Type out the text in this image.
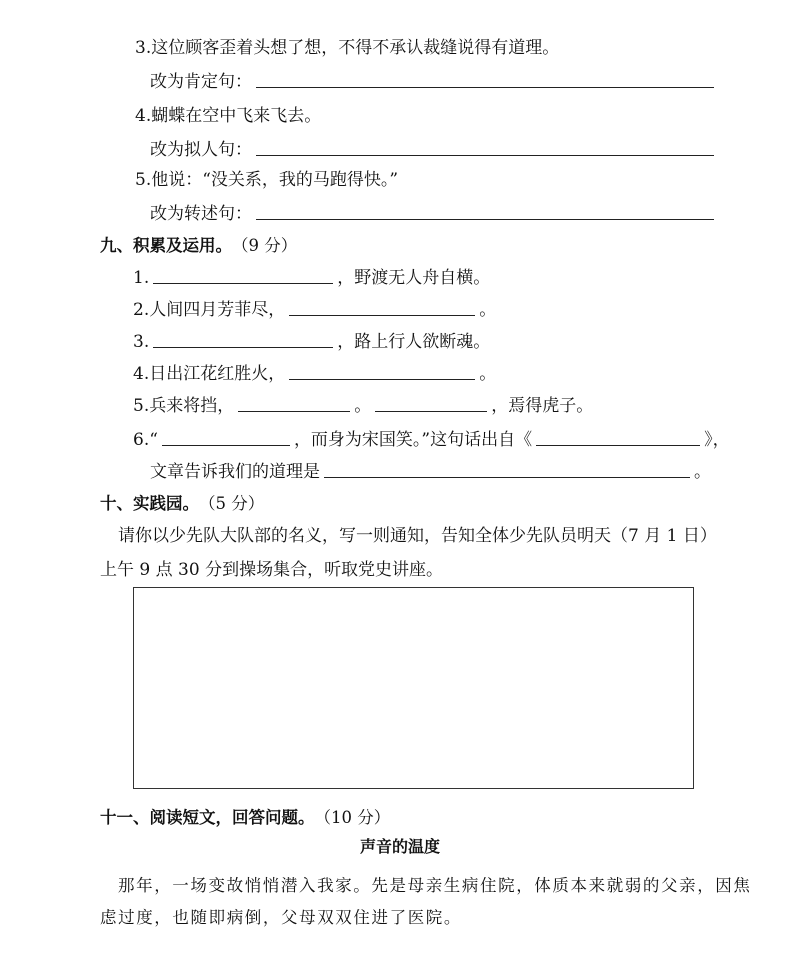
3. 这位顾客歪着头想了想，不得不承认裁缝说得有道理。
改为肯定句：
4. 蝴蝶在空中飞来飞去。
改为拟人句：
5. 他说：“没关系，我的马跑得快。”
改为转述句：
九、积累及运用。 （9 分）
1.	，野渡无人舟自横。
2. 人间四月芳菲尽，	。
3.	，路上行人欲断魂。
4. 日出江花红胜火，	。
5. 兵来将挡，	。	，焉得虎子。
6. “	，而身为宋国笑。”这句话出自《	》，
文章告诉我们的道理是	。
十、实践园。 （5 分）
请你以少先队大队部的名义，写一则通知，告知全体少先队员明天（7 月 1 日）
上午 9 点 30 分到操场集合，听取党史讲座。
十一、阅读短文，回答问题。 （10 分）
声音的温度
那年，一场变故悄悄潜入我家。先是母亲生病住院，体质本来就弱的父亲，因焦
虑过度，也随即病倒，父母双双住进了医院。
